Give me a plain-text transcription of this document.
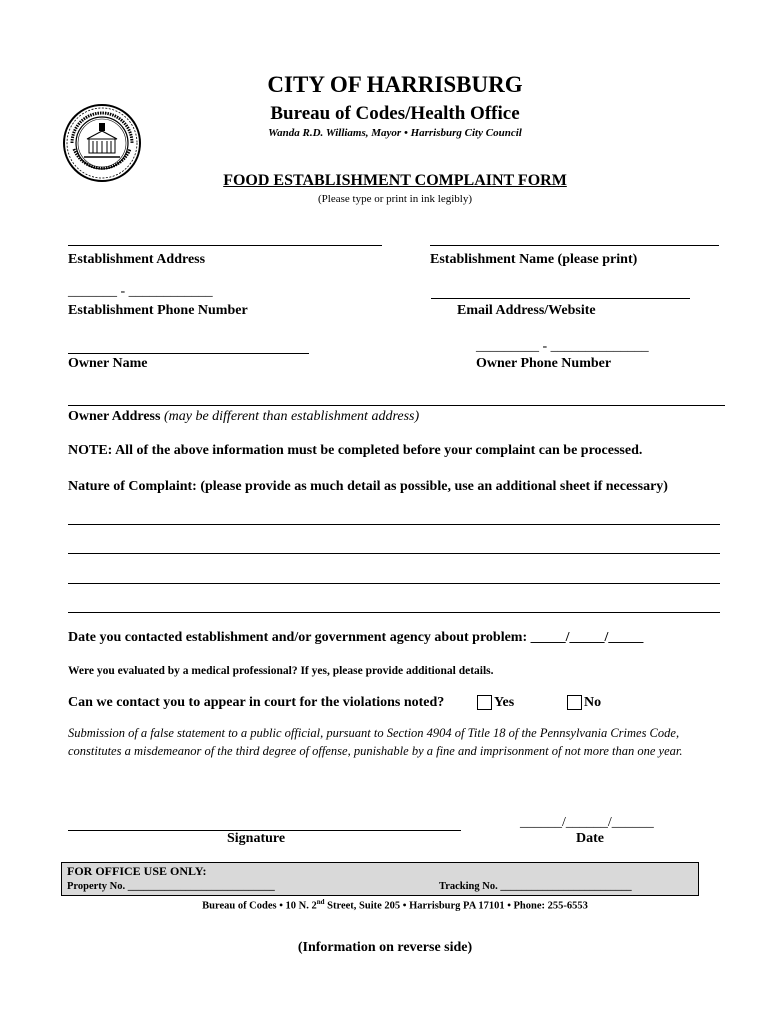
CITY OF HARRISBURG
Bureau of Codes/Health Office
Wanda R.D. Williams, Mayor • Harrisburg City Council
FOOD ESTABLISHMENT COMPLAINT FORM
(Please type or print in ink legibly)
Establishment Address	Establishment Name (please print)
_______ - ____________
Establishment Phone Number	Email Address/Website
Owner Name
_________ - ______________
Owner Phone Number
Owner Address (may be different than establishment address)
NOTE: All of the above information must be completed before your complaint can be processed.
Nature of Complaint: (please provide as much detail as possible, use an additional sheet if necessary)
Date you contacted establishment and/or government agency about problem: _____/_____/_____
Were you evaluated by a medical professional? If yes, please provide additional details.
Can we contact you to appear in court for the violations noted?	Yes	No
Submission of a false statement to a public official, pursuant to Section 4904 of Title 18 of the Pennsylvania Crimes Code, constitutes a misdemeanor of the third degree of offense, punishable by a fine and imprisonment of not more than one year.
______/______/______
Signature	Date
FOR OFFICE USE ONLY:
Property No. ____________________________	Tracking No. _________________________
Bureau of Codes • 10 N. 2nd Street, Suite 205 • Harrisburg PA 17101 • Phone: 255-6553
(Information on reverse side)
